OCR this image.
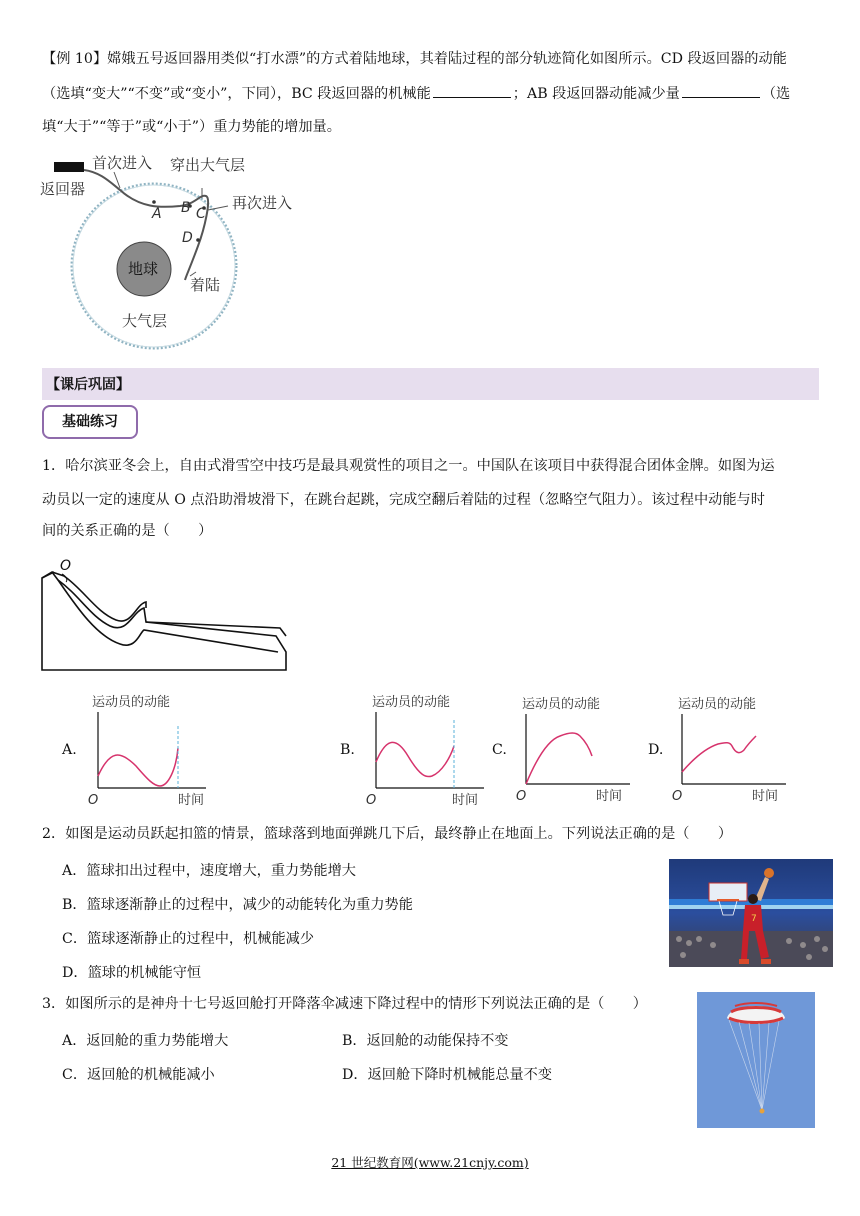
【例 10】嫦娥五号返回器用类似“打水漂”的方式着陆地球，其着陆过程的部分轨迹简化如图所示。CD 段返回器的动能
（选填“变大”“不变”或“变小”，下同），BC 段返回器的机械能	；AB 段返回器动能减少量	（选
填“大于”“等于”或“小于”）重力势能的增加量。
首次进入 穿出大气层
返回器
再次进入
地球
着陆
大气层
A B C
D
【课后巩固】
基础练习
1．哈尔滨亚冬会上，自由式滑雪空中技巧是最具观赏性的项目之一。中国队在该项目中获得混合团体金牌。如图为运
动员以一定的速度从 O 点沿助滑坡滑下，在跳台起跳，完成空翻后着陆的过程（忽略空气阻力）。该过程中动能与时
间的关系正确的是（　　）
O
A.
运动员的动能
O	时间
B.
运动员的动能
O	时间
C.
运动员的动能
O	时间
D.
运动员的动能
O	时间
2．如图是运动员跃起扣篮的情景，篮球落到地面弹跳几下后，最终静止在地面上。下列说法正确的是（　　）
A．篮球扣出过程中，速度增大，重力势能增大
B．篮球逐渐静止的过程中，减少的动能转化为重力势能
C．篮球逐渐静止的过程中，机械能减少
D．篮球的机械能守恒
7
3．如图所示的是神舟十七号返回舱打开降落伞减速下降过程中的情形下列说法正确的是（　　）
A．返回舱的重力势能增大	B．返回舱的动能保持不变
C．返回舱的机械能减小	D．返回舱下降时机械能总量不变
21 世纪教育网(www.21cnjy.com)
